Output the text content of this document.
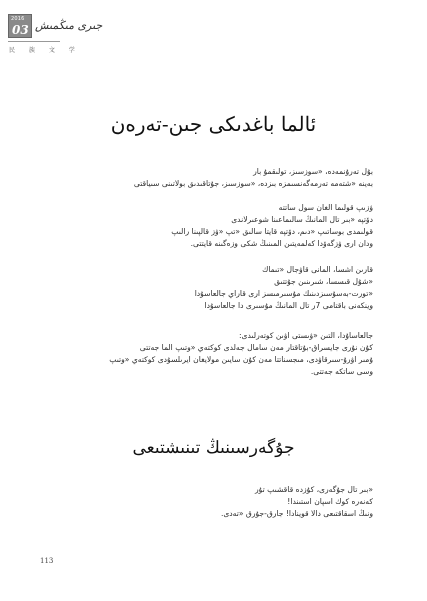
2016
03 جىرى مىڭمىش
民 族 文 学
ئالما باغدىكى جىن-تەرەن
بۇل تەرۇنمەدە، «سوزسىز، تولىقمۇ بار
بەينە «شتەمە تەرمەگەنسىمزە بىزدە، «سوزسىز، جۇتاقىدىق بولاتىنى سىياقتى
ۋزىپ قولىما الغان سول ساتتە
دۆتپە «بىر تال المانىڭ سالىماعىنا شوعىرلاندى
قولىمدى بوساتىپ «دىم، دۆتپە قايتا سالىق «تپ «ۋز قالپىنا رالىپ
ودان ارى ۋزگەۆدا كەلمەيتىن المىنىڭ شكى وزەگىنە قايتتى.
قارىن اشسا، المانى قاۋجال «تىماك
«شۇل قىسسا، شىرىنىن جۇتتىق
«تورت-بەسۇسىزدىنىك مۇسىرمىسز ارى قاراي جالعاسۇدا
وينكەنى باقتامى 7ر تال المانىڭ مۇسىرى دا جالعاسۇدا
جالعاساۇدا، التىن «ۋىستى اۋىن كوتەرلىدى:
كۇن نۇرى جايسراق-بۇتاقتار مەن سامال جەلدى كوكتەي «وتىپ الما جەتتى
ۇمىر اۋرۇ-سىرقاۋدى، مىجسناتتا مەن كۇن سايىن مولايغان ايرىلسۇدى كوكتەي «وتىپ
وسى ساتكە جەتتى.
جۇگەرسىنىڭ تىنىشتىعى
«بىر تال جۇگەرى، كۇزدە قاقشىپ تۇر
كەنەرە كوك اسپان استىندا!
ونىڭ اسقاقتىعى دالا قوينادا! جارق-جۇرق «تەدى.
113
